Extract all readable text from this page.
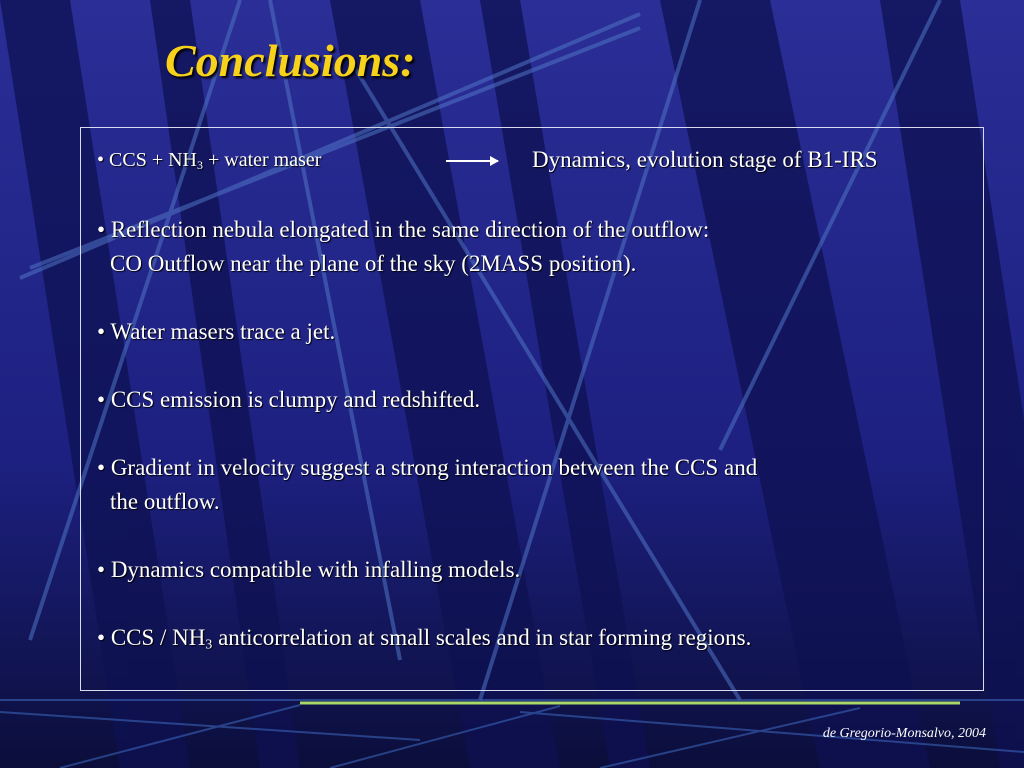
Conclusions:
• CCS + $NH_3$ + water maser	Dynamics, evolution stage of B1-IRS
• Reflection nebula elongated in the same direction of the outflow:
CO Outflow near the plane of the sky (2MASS position).
• Water masers trace a jet.
• CCS emission is clumpy and redshifted.
• Gradient in velocity suggest a strong interaction between the CCS and
the outflow.
• Dynamics compatible with infalling models.
• CCS / $NH_3$ anticorrelation at small scales and in star forming regions.
de Gregorio-Monsalvo, 2004
